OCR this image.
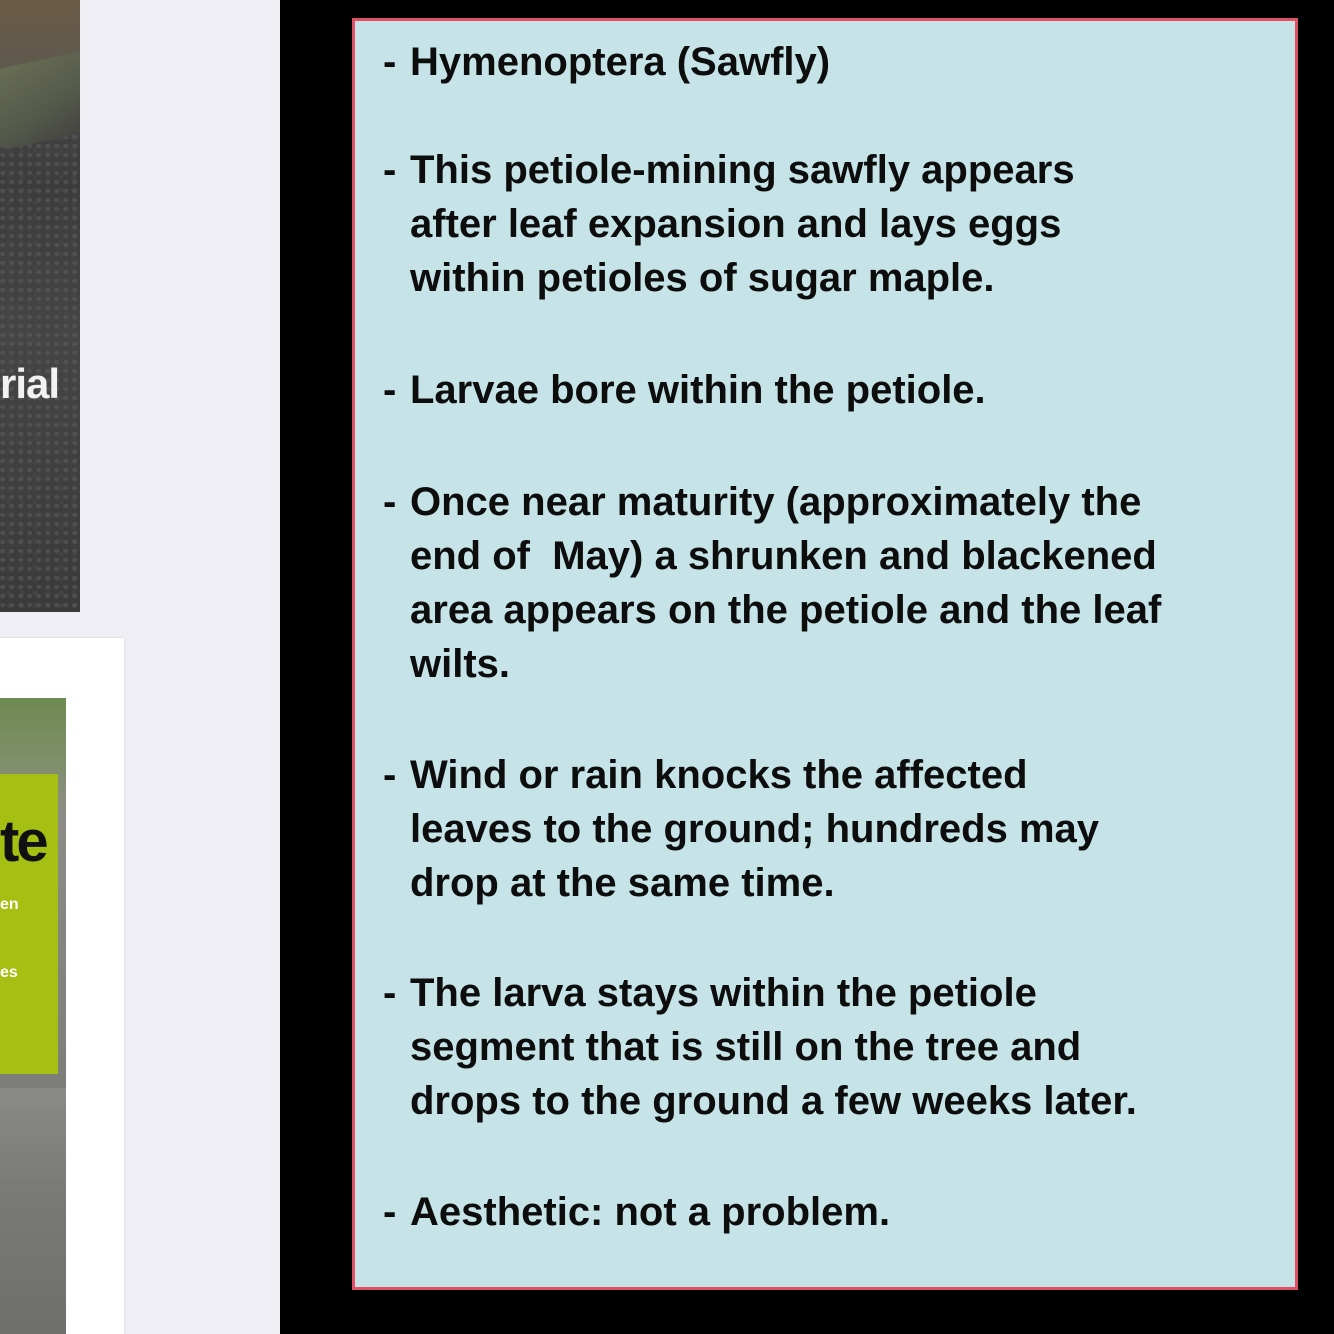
rial
te
en
es
- Hymenoptera (Sawfly)
- This petiole-mining sawfly appears
after leaf expansion and lays eggs
within petioles of sugar maple.
- Larvae bore within the petiole.
- Once near maturity (approximately the
end of  May) a shrunken and blackened
area appears on the petiole and the leaf
wilts.
- Wind or rain knocks the affected
leaves to the ground; hundreds may
drop at the same time.
- The larva stays within the petiole
segment that is still on the tree and
drops to the ground a few weeks later.
- Aesthetic: not a problem.
